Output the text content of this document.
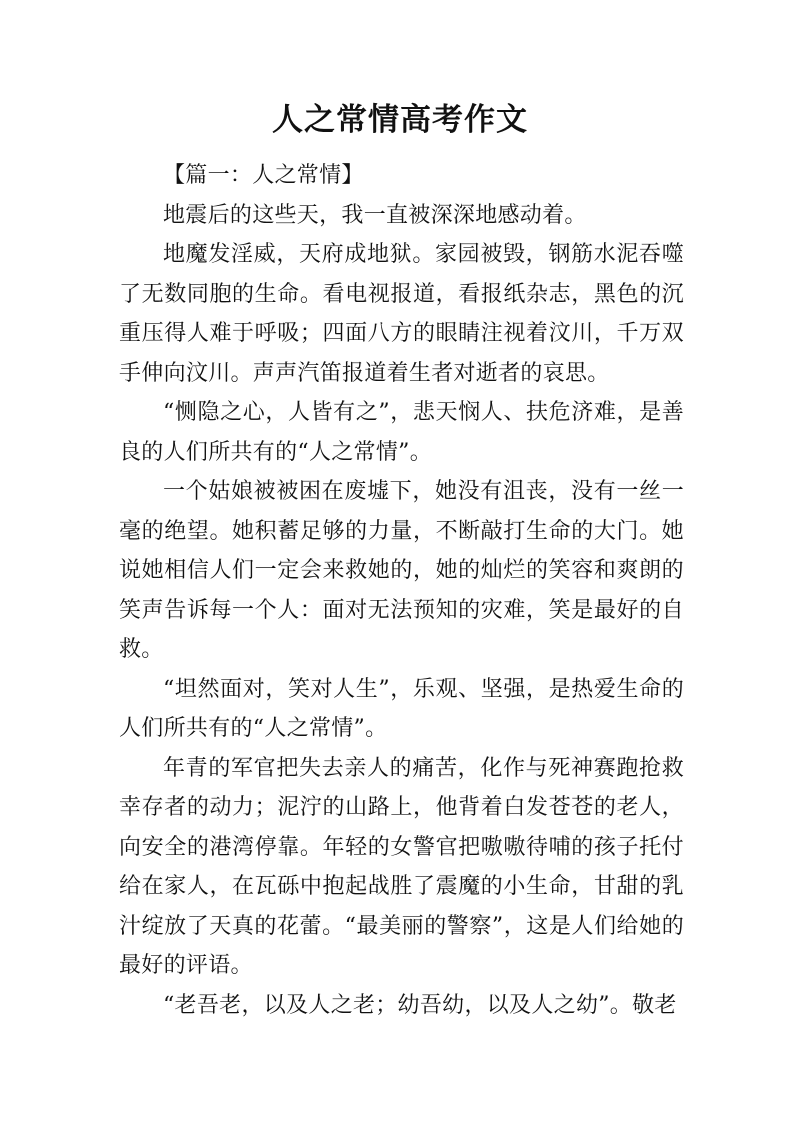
人之常情高考作文

【篇一：人之常情】

地震后的这些天，我一直被深深地感动着。

地魔发淫威，天府成地狱。家园被毁，钢筋水泥吞噬了无数同胞的生命。看电视报道，看报纸杂志，黑色的沉重压得人难于呼吸；四面八方的眼睛注视着汶川，千万双手伸向汶川。声声汽笛报道着生者对逝者的哀思。

“恻隐之心，人皆有之”，悲天悯人、扶危济难，是善良的人们所共有的“人之常情”。

一个姑娘被被困在废墟下，她没有沮丧，没有一丝一毫的绝望。她积蓄足够的力量，不断敲打生命的大门。她说她相信人们一定会来救她的，她的灿烂的笑容和爽朗的笑声告诉每一个人：面对无法预知的灾难，笑是最好的自救。

“坦然面对，笑对人生”，乐观、坚强，是热爱生命的人们所共有的“人之常情”。

年青的军官把失去亲人的痛苦，化作与死神赛跑抢救幸存者的动力；泥泞的山路上，他背着白发苍苍的老人，向安全的港湾停靠。年轻的女警官把嗷嗷待哺的孩子托付给在家人，在瓦砾中抱起战胜了震魔的小生命，甘甜的乳汁绽放了天真的花蕾。“最美丽的警察”，这是人们给她的最好的评语。

“老吾老，以及人之老；幼吾幼，以及人之幼”。敬老
